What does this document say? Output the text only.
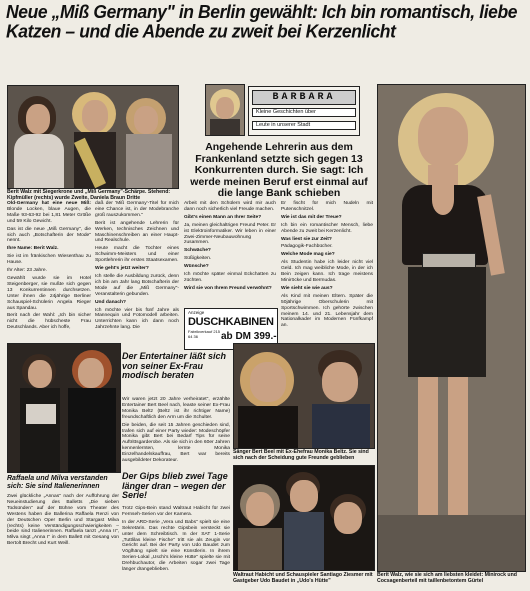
Neue „Miß Germany" in Berlin gewählt: Ich bin romantisch, liebe Katzen – und die Abende zu zweit bei Kerzenlicht
Berit Walz mit Siegerkrone und „Miß Germany"-Schärpe. Stehend: Kipfmüller (rechts) wurde Zweite, Daniela Braun Dritte
BARBARA
Kleine Geschichten über
Leute in unserer Stadt
Angehende Lehrerin aus dem Frankenland setzte sich gegen 13 Konkurrenten durch. Sie sagt: Ich werde meinen Beruf erst einmal auf die lange Bank schieben

Old-Germany hat eine neue Miß: Blonde Locken, blaue Augen, die Maße 93-63-92 bei 1,81 Meter Größe und 59 Kilo Gewicht.

Das ist die neue „Miß Germany", die sich auch „Botschafterin der Mode" nennt.

Ihre Name: Berit Walz.

Sie ist im fränkischen Wiesenthau zu Hause.

Ihr Alter: 23 Jahre.

Gewählt wurde sie im Hotel Steigenberger, sie mußte sich gegen 13 Konkurrentinnen durchsetzen. Unter ihnen die 24jährige Berliner Schauspiel-Schülerin Angela Rieger aus Spandau.

Berit nach der Wahl: „Ich bin sicher nicht die hübscheste Frau Deutschlands. Aber ich hoffe,

daß der 'Miß Germany'-Titel für mich eine Chance ist, in der Modebranche groß rauszukommen."

Berit ist angehende Lehrerin für Werken, technisches Zeichnen und Maschinenschreiben an einer Haupt- und Realschule.

Heute macht die Tochter eines Schwimm-Meisters und einer Sportlehrerin ihr erstes Staatsexamen.

Wie geht's jetzt weiter?

Ich stelle die Ausbildung zurück, denn ich bin am Jahr lang Botschafterin der Mode auf die „Miß Germany"-Veranstalterin gebunden.

Und danach?

Ich möchte vier bis fünf Jahre als Mannequin und Fotomodell arbeiten. Unterrichten kann ich dann noch Jahrzehnte lang. Die

Arbeit mit den Schülern wird mir auch dann noch sicherlich viel Freude machen.

Gibt's einen Mann an Ihrer Seite?

Ja, meinen gleichaltrigen Freund Peter. Er ist Elektroinformatiker. Wir leben in einer Zwei-Zimmer-Neubauwohnung zusammen.

Schwäche?

Süßigkeiten.

Wünsche?

Ich möchte später einmal Eckchatten zu züchten.

Wird sie von Ihrem Freund verwöhnt?

Er fischt für mich Nudeln mit Putenschnitzel.

Wie ist das mit der Treue?

Ich bin ein romantischer Mensch, liebe Abende zu zweit bei Kerzenlicht.

Was liest sie zur Zeit?

Pädagogik-Fachbücher.

Welche Mode mag sie?

Als Studentin habe ich leider nicht viel Geld. Ich mag weibliche Mode, in der ich Bein zeigen kann. Ich trage meistens Miniröcke und Bermudas.

Wie sieht sie wie aus?

Als Kind mit meinen Eltern. Später die 50jährige Oberschulerin mit Sportschwimmen. Ich gehörte zwischen meinem 14. und 21. Lebensjahr dem Nationalkader im Modernen Fünfkampf an.

Anzeige
DUSCHKABINEN
Fabrikverkauf 215 64 36	ab DM 399.-
Der Entertainer läßt sich von seiner Ex-Frau modisch beraten

Wir waren jetzt 20 Jahre verheiratet", erzählte Entertainer Bert Beel nach, leaste seiner Ex-Frau Monika Beltz (Beltz ist ihr richtiger Name) freundschaftlich den Arm um die Schulter.

Die beiden, die seit 15 Jahren geschieden sind, trafen sich auf einer Party wieder: Modeschöpfer Monika gibt Bert bei Bedarf Tips für seine Auftrittsgarderobe. Als sie sich in den 60er Jahren kennenlernten, lernte Monika Einzelhandelskauffrau, Bert war bereits ausgebildeter Dekorateur.

Sänger Bert Beel mit Ex-Ehefrau Monika Beltz. Sie sind sich nach der Scheidung gute Freunde geblieben
Der Gips blieb zwei Tage länger dran – wegen der Serie!

Trotz Gips-Bein stand Waltraut Habicht für zwei Fernseh-Serien vor der Kamera.

In der ARD-Serie „Vera und Babs" spielt sie eine Sekretärin. Das rechte Gipsbein versteckt sie unter dem Schreibtisch. In der SAT 1-Serie „Tuttlilas kleine Fische" tritt sie als Zeugin vor Gericht auf. Bei der Party von Udo Baudet zum Vöglhäng spielt sie eine Künstlerin. In ihrem Serien-Lokal „Uschi's kleine Hütte" spielte sie mit Drehbuchautor, die Arbeiten sogar zwei Tage länger drangeblieben.

Waltraut Habicht und Schauspieler Santiago Ziesmer mit Gastgeber Udo Baudet in „Udo's Hütte"
Raffaela und Milva verstanden sich: Sie sind Italienerinnen

Zwei glückliche „Annas" nach der Aufführung der Neueinstudierung des Balletts „Die sieben Todsünden" auf der Bühne vom Theater des Westens haben die Ballerina Raffaela Renzi von der Deutschen Oper Berlin und Stargast Milva (rechts) keine Verständigungsschwierigkeiten – beide sind Italienerinnen. Raffaela tanzt „Anna II", Milva singt „Anna I" in dem Ballett mit Gesang von Bertolt Brecht und Kurt Weill.

Berit Walz, wie sie sich am liebsten kleidet: Minirock und Cocsagenberteil mit taillenbetontem Gürtel
